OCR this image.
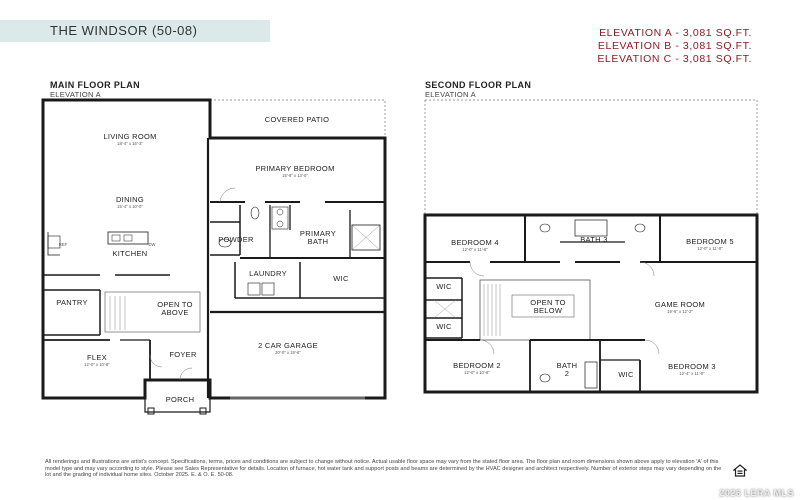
THE WINDSOR (50-08)	ELEVATION A - 3,081 SQ.FT.
ELEVATION B - 3,081 SQ.FT.
ELEVATION C - 3,081 SQ.FT.
MAIN FLOOR PLAN
ELEVATION A
SECOND FLOOR PLAN
ELEVATION A
COVERED PATIO
LIVING ROOM
18'-4" x 16'-3"
PRIMARY BEDROOM
15'-8" x 13'-0"
DINING
15'-4" x 10'-0"
POWDER
PRIMARY
BATH
KITCHEN
REF	DW
LAUNDRY
WIC
PANTRY	OPEN TO
ABOVE
2 CAR GARAGE
20'-0" x 19'-6"
FOYER
FLEX
12'-0" x 10'-6"
PORCH
BEDROOM 4
12'-0" x 11'-6"
BATH 3	BEDROOM 5
12'-0" x 11'-0"
WIC
OPEN TO
BELOW
GAME ROOM
19'-6" x 12'-2"
WIC
BEDROOM 2
12'-0" x 10'-6"
BATH
2	WIC
BEDROOM 3
12'-4" x 11'-0"
All renderings and illustrations are artist's concept. Specifications, terms, prices and conditions are subject to change without notice. Actual usable floor space may vary from the stated floor area. The floor plan and room dimensions shown above apply to elevation 'A' of this model type and may vary according to style. Please see Sales Representative for details. Location of furnace, hot water tank and support posts and beams are determined by the HVAC designer and architect respectively. Number of exterior steps may vary depending on the lot and the grading of individual home sites. October 2025. E. & O. E. 50-08.
2026 LERA MLS
